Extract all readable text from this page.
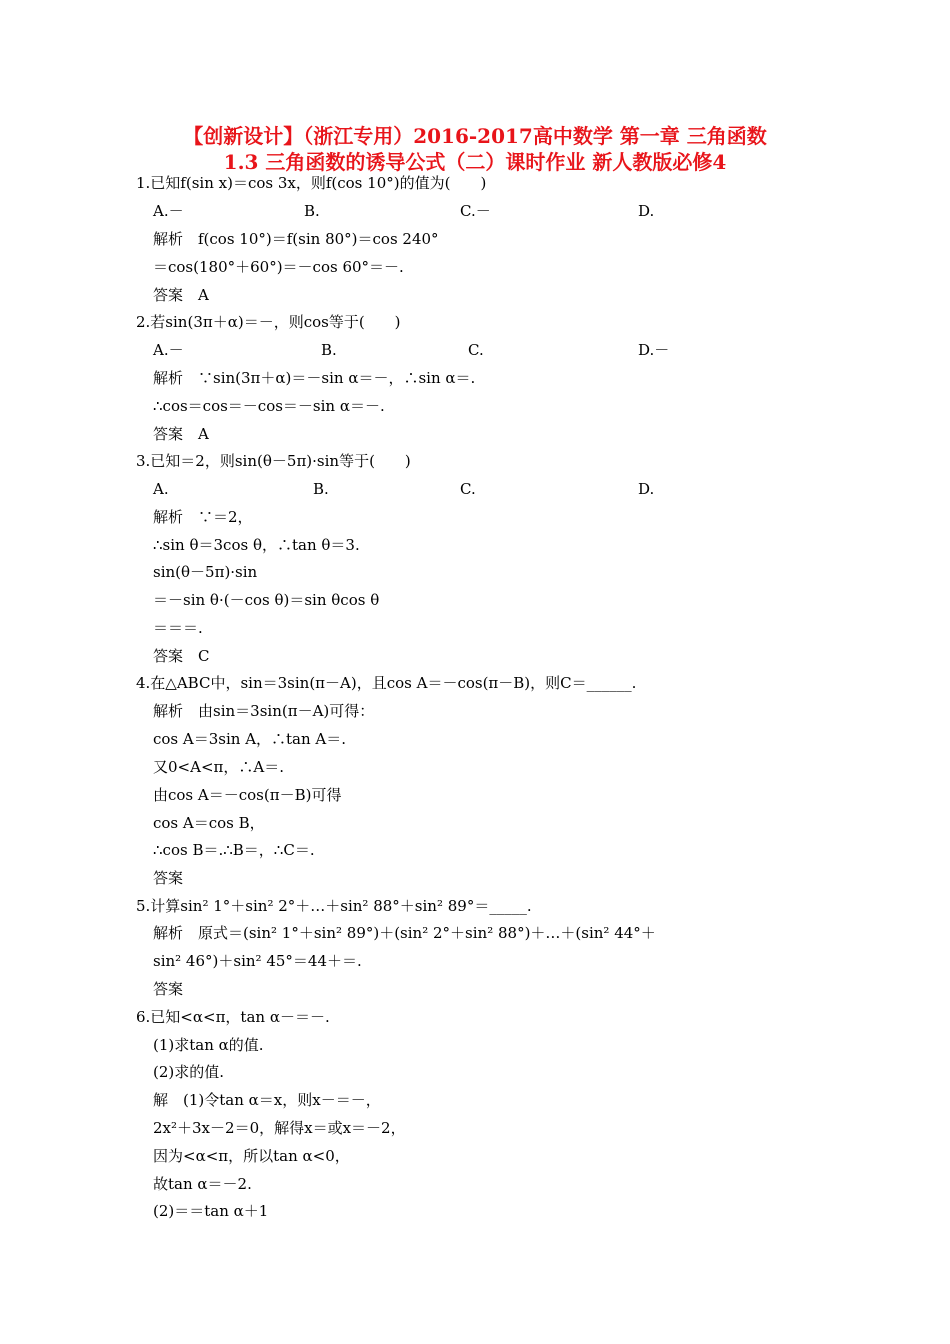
【创新设计】（浙江专用）2016-2017高中数学 第一章 三角函数
1.3 三角函数的诱导公式（二）课时作业 新人教版必修4
1.已知f(sin x)＝cos 3x，则f(cos 10°)的值为(　　)
A.－	B.	C.－	D.
解析　f(cos 10°)＝f(sin 80°)＝cos 240°
＝cos(180°＋60°)＝－cos 60°＝－.
答案　A
2.若sin(3π＋α)＝－，则cos等于(　　)
A.－	B.	C.	D.－
解析　∵sin(3π＋α)＝－sin α＝－，∴sin α＝.
∴cos＝cos＝－cos＝－sin α＝－.
答案　A
3.已知＝2，则sin(θ－5π)·sin等于(　　)
A.	B.	C.	D.
解析　∵＝2，
∴sin θ＝3cos θ，∴tan θ＝3.
sin(θ－5π)·sin
＝－sin θ·(－cos θ)＝sin θcos θ
＝＝＝.
答案　C
4.在△ABC中，sin＝3sin(π－A)，且cos A＝－cos(π－B)，则C＝______.
解析　由sin＝3sin(π－A)可得：
cos A＝3sin A，∴tan A＝.
又0<A<π，∴A＝.
由cos A＝－cos(π－B)可得
cos A＝cos B，
∴cos B＝.∴B＝，∴C＝.
答案
5.计算sin² 1°＋sin² 2°＋…＋sin² 88°＋sin² 89°＝_____.
解析　原式＝(sin² 1°＋sin² 89°)＋(sin² 2°＋sin² 88°)＋…＋(sin² 44°＋
sin² 46°)＋sin² 45°＝44＋＝.
答案
6.已知<α<π，tan α－＝－.
(1)求tan α的值.
(2)求的值.
解　(1)令tan α＝x，则x－＝－，
2x²＋3x－2＝0，解得x＝或x＝－2，
因为<α<π，所以tan α<0，
故tan α＝－2.
(2)＝＝tan α＋1
